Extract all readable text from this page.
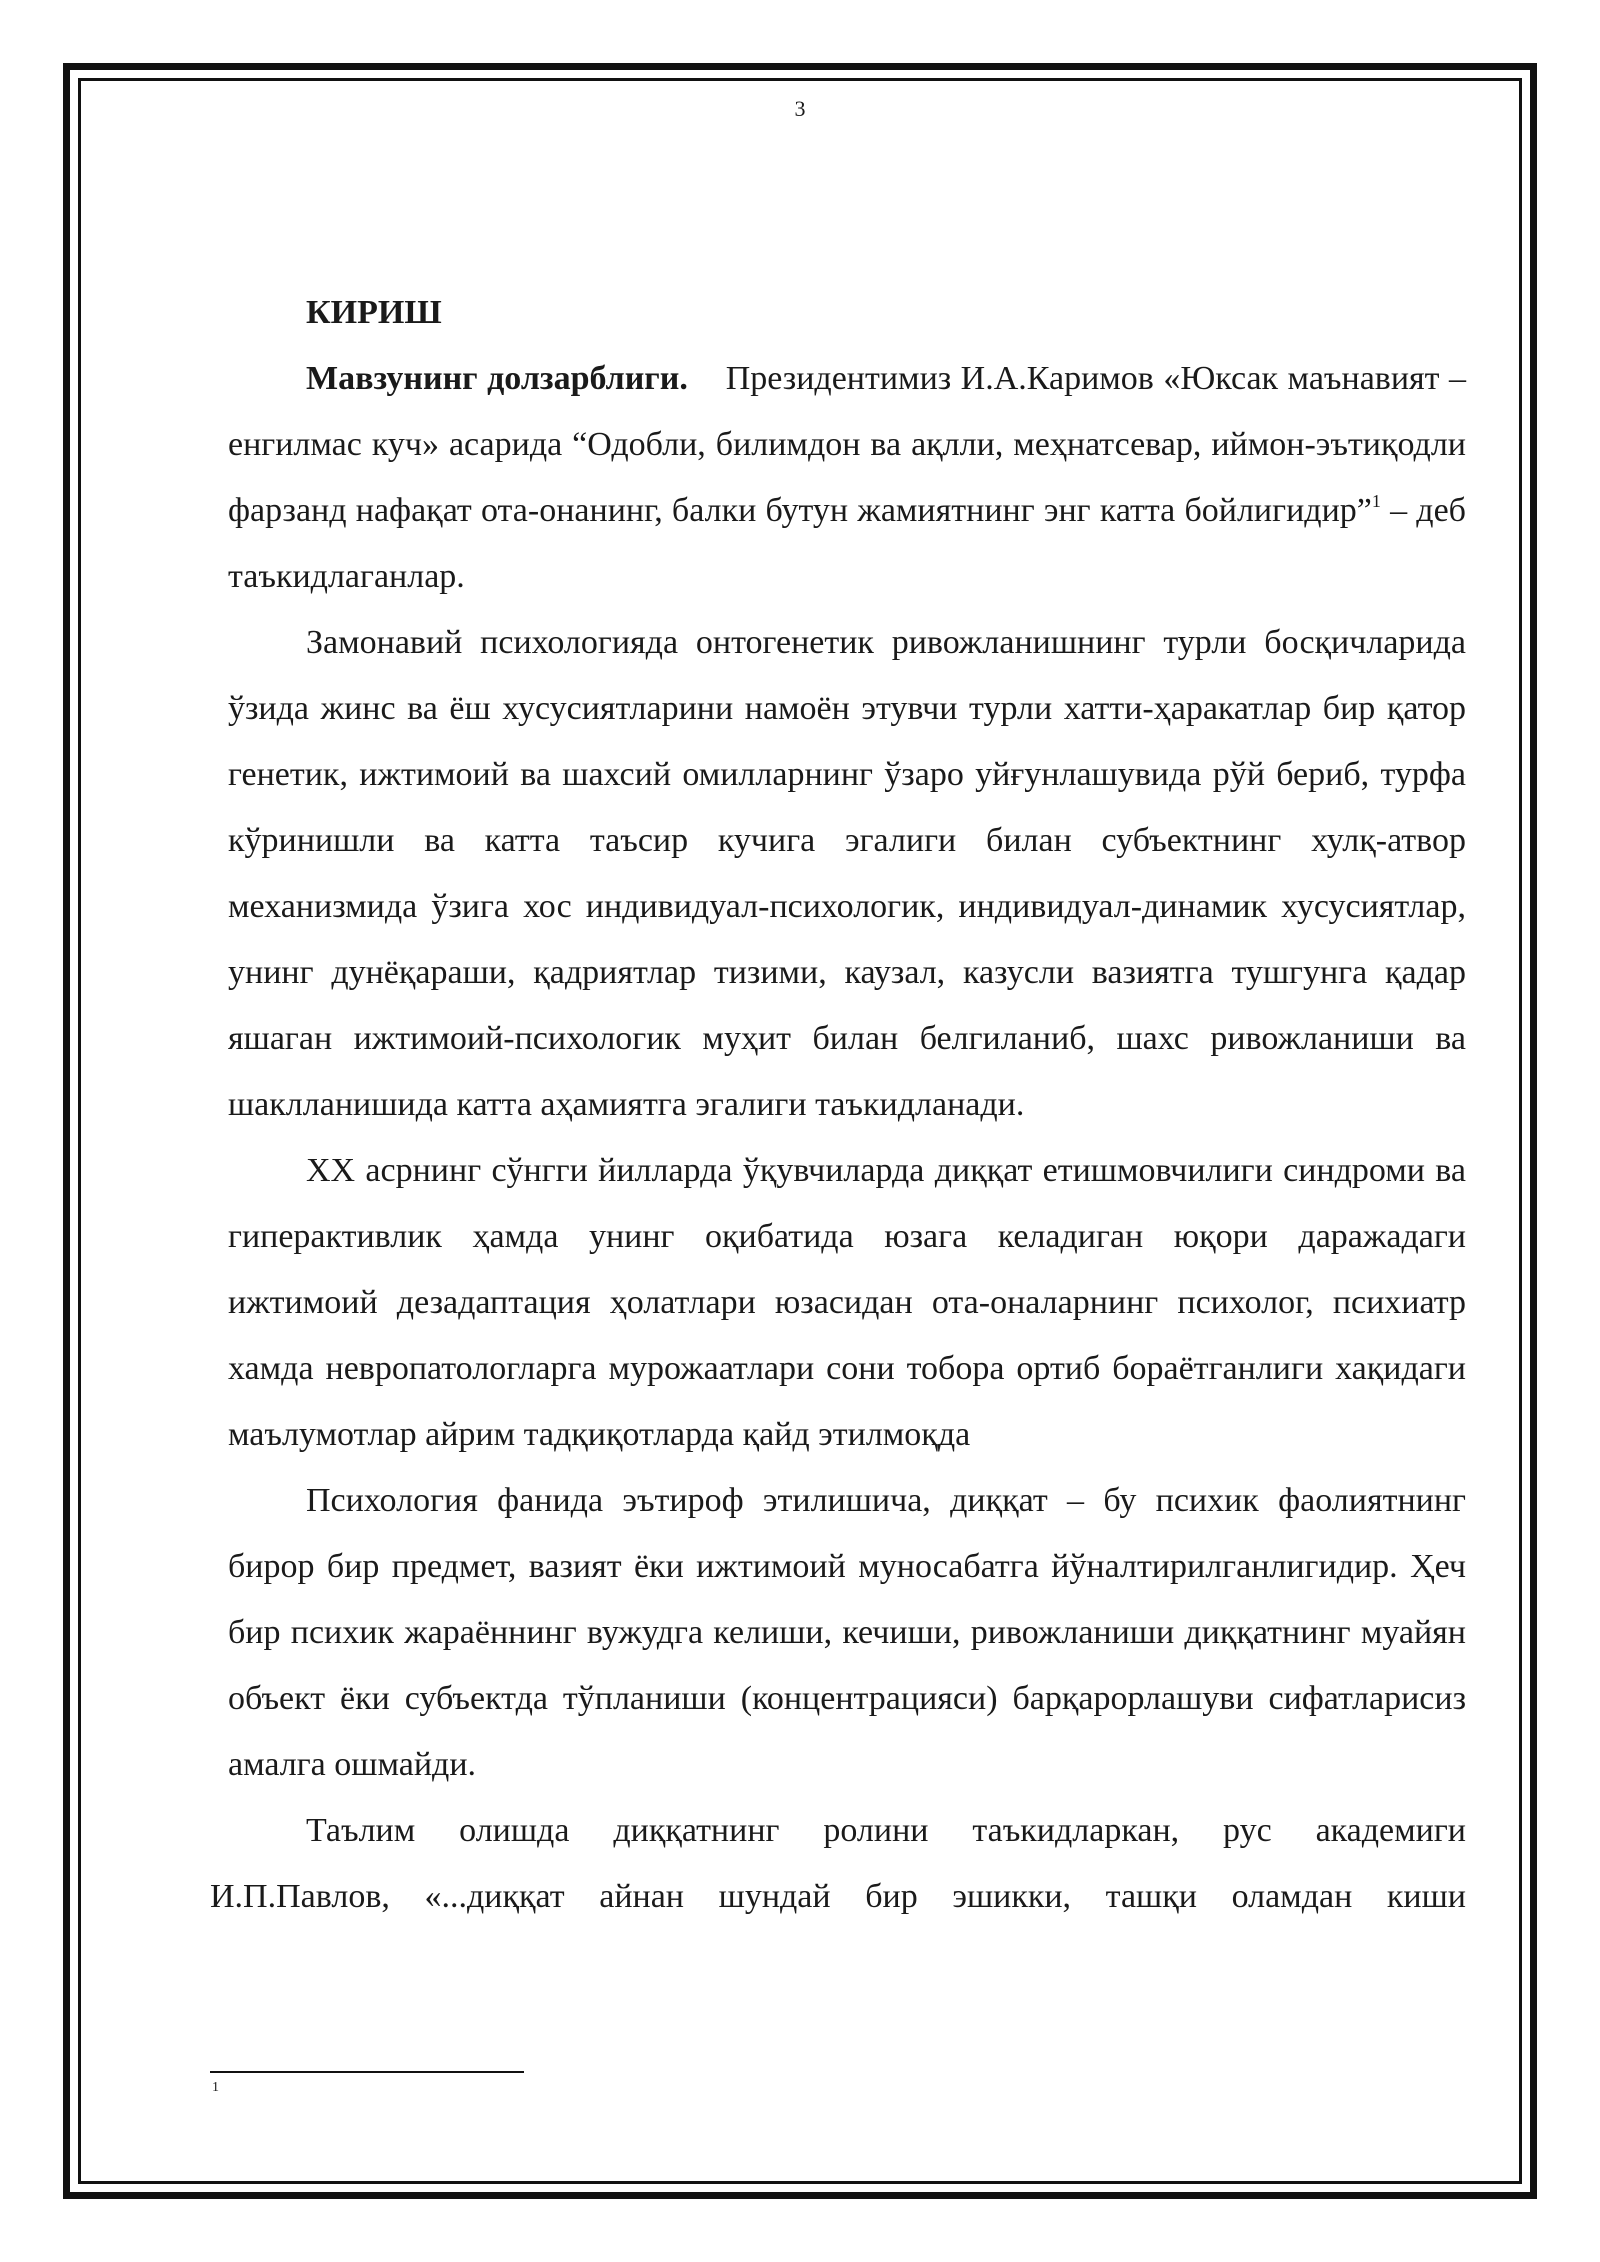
3
КИРИШ

Мавзунинг долзарблиги. Президентимиз И.А.Каримов «Юксак маънавият – енгилмас куч» асарида “Одобли, билимдон ва ақлли, меҳнатсевар, иймон-эътиқодли фарзанд нафақат ота-онанинг, балки бутун жамиятнинг энг катта бойлигидир”$^1$ – деб таъкидлаганлар.

Замонавий психологияда онтогенетик ривожланишнинг турли босқичларида ўзида жинс ва ёш хусусиятларини намоён этувчи турли хатти-ҳаракатлар бир қатор генетик, ижтимоий ва шахсий омилларнинг ўзаро уйғунлашувида рўй бериб, турфа кўринишли ва катта таъсир кучига эгалиги билан субъектнинг хулқ-атвор механизмида ўзига хос индивидуал-психологик, индивидуал-динамик хусусиятлар, унинг дунёқараши, қадриятлар тизими, каузал, казусли вазиятга тушгунга қадар яшаган ижтимоий-психологик муҳит билан белгиланиб, шахс ривожланиши ва шаклланишида катта аҳамиятга эгалиги таъкидланади.

XX асрнинг сўнгги йилларда ўқувчиларда диққат етишмовчилиги синдроми ва гиперактивлик ҳамда унинг оқибатида юзага келадиган юқори даражадаги ижтимоий дезадаптация ҳолатлари юзасидан ота-оналарнинг психолог, психиатр хамда невропатологларга мурожаатлари сони тобора ортиб бораётганлиги хақидаги маълумотлар айрим тадқиқотларда қайд этилмоқда

Психология фанида эътироф этилишича, диққат – бу психик фаолиятнинг бирор бир предмет, вазият ёки ижтимоий муносабатга йўналтирилганлигидир. Ҳеч бир психик жараённинг вужудга келиши, кечиши, ривожланиши диққатнинг муайян объект ёки субъектда тўпланиши (концентрацияси) барқарорлашуви сифатларисиз амалга ошмайди.

Таълим олишда диққатнинг ролини таъкидларкан, рус академиги

И.П.Павлов, «...диққат айнан шундай бир эшикки, ташқи оламдан киши

1
